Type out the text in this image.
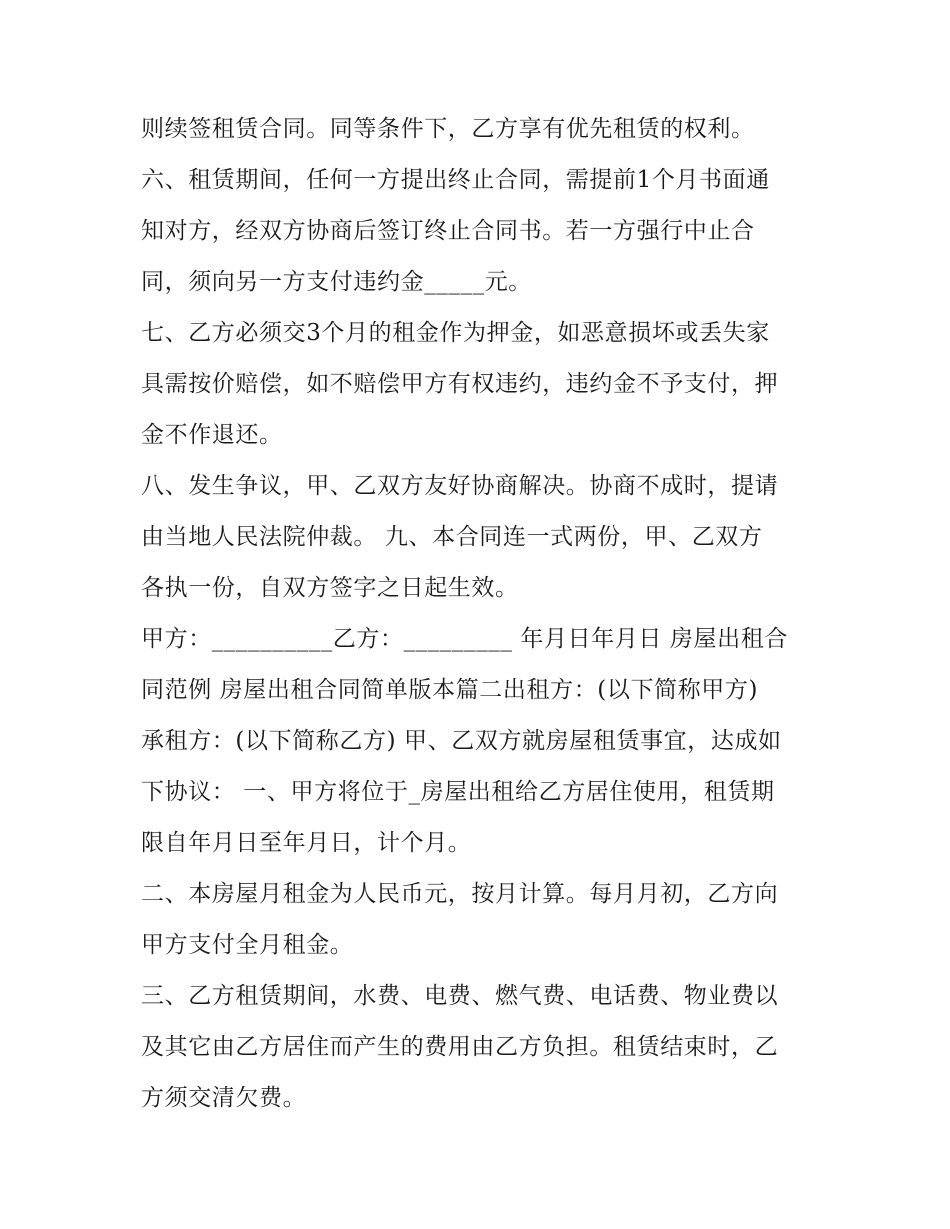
则续签租赁合同。同等条件下，乙方享有优先租赁的权利。
六、租赁期间，任何一方提出终止合同，需提前1个月书面通
知对方，经双方协商后签订终止合同书。若一方强行中止合
同，须向另一方支付违约金_____元。
七、乙方必须交3个月的租金作为押金，如恶意损坏或丢失家
具需按价赔偿，如不赔偿甲方有权违约，违约金不予支付，押
金不作退还。
八、发生争议，甲、乙双方友好协商解决。协商不成时，提请
由当地人民法院仲裁。 九、本合同连一式两份，甲、乙双方
各执一份，自双方签字之日起生效。
甲方：__________乙方：_________ 年月日年月日 房屋出租合
同范例 房屋出租合同简单版本篇二出租方：(以下简称甲方)
承租方：(以下简称乙方) 甲、乙双方就房屋租赁事宜，达成如
下协议： 一、甲方将位于_房屋出租给乙方居住使用，租赁期
限自年月日至年月日，计个月。
二、本房屋月租金为人民币元，按月计算。每月月初，乙方向
甲方支付全月租金。
三、乙方租赁期间，水费、电费、燃气费、电话费、物业费以
及其它由乙方居住而产生的费用由乙方负担。租赁结束时，乙
方须交清欠费。
